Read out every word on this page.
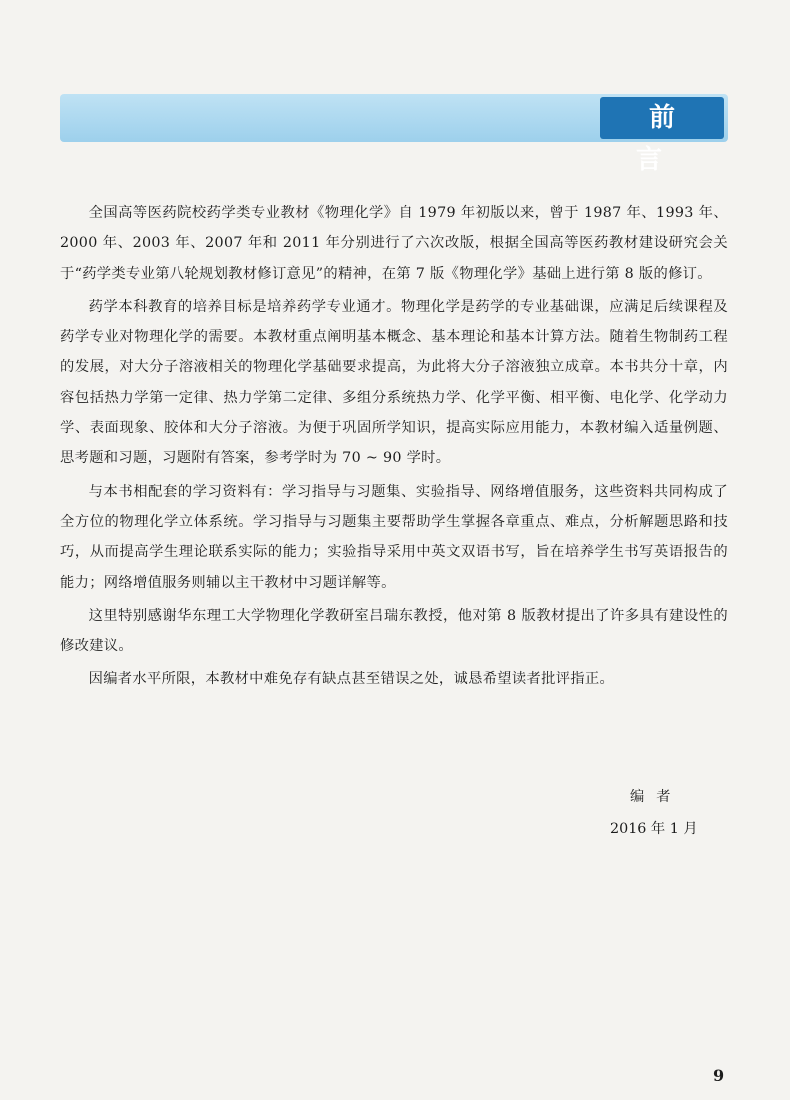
前 言

全国高等医药院校药学类专业教材《物理化学》自 1979 年初版以来，曾于 1987 年、1993 年、2000 年、2003 年、2007 年和 2011 年分别进行了六次改版，根据全国高等医药教材建设研究会关于“药学类专业第八轮规划教材修订意见”的精神，在第 7 版《物理化学》基础上进行第 8 版的修订。

药学本科教育的培养目标是培养药学专业通才。物理化学是药学的专业基础课，应满足后续课程及药学专业对物理化学的需要。本教材重点阐明基本概念、基本理论和基本计算方法。随着生物制药工程的发展，对大分子溶液相关的物理化学基础要求提高，为此将大分子溶液独立成章。本书共分十章，内容包括热力学第一定律、热力学第二定律、多组分系统热力学、化学平衡、相平衡、电化学、化学动力学、表面现象、胶体和大分子溶液。为便于巩固所学知识，提高实际应用能力，本教材编入适量例题、思考题和习题，习题附有答案，参考学时为 70 ~ 90 学时。

与本书相配套的学习资料有：学习指导与习题集、实验指导、网络增值服务，这些资料共同构成了全方位的物理化学立体系统。学习指导与习题集主要帮助学生掌握各章重点、难点，分析解题思路和技巧，从而提高学生理论联系实际的能力；实验指导采用中英文双语书写，旨在培养学生书写英语报告的能力；网络增值服务则辅以主干教材中习题详解等。

这里特别感谢华东理工大学物理化学教研室吕瑞东教授，他对第 8 版教材提出了许多具有建设性的修改建议。

因编者水平所限，本教材中难免存有缺点甚至错误之处，诚恳希望读者批评指正。

编者
2016 年 1 月
9
